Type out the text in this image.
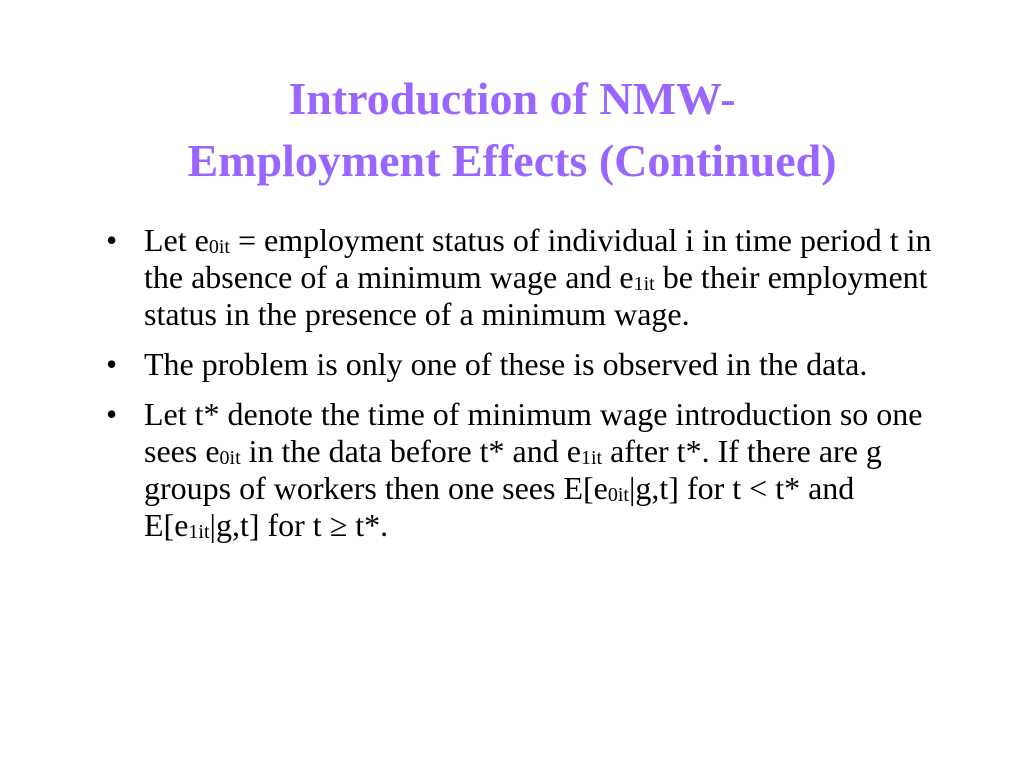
Introduction of NMW-
Employment Effects (Continued)
• Let $e_{0it}$ = employment status of individual i in time period t in the absence of a minimum wage and $e_{1it}$ be their employment status in the presence of a minimum wage.
• The problem is only one of these is observed in the data.
• Let t* denote the time of minimum wage introduction so one sees $e_{0it}$ in the data before t* and $e_{1it}$ after t*. If there are g groups of workers then one sees $E[e_{0it}|g,t]$ for t < t* and $E[e_{1it}|g,t]$ for t ≥ t*.
